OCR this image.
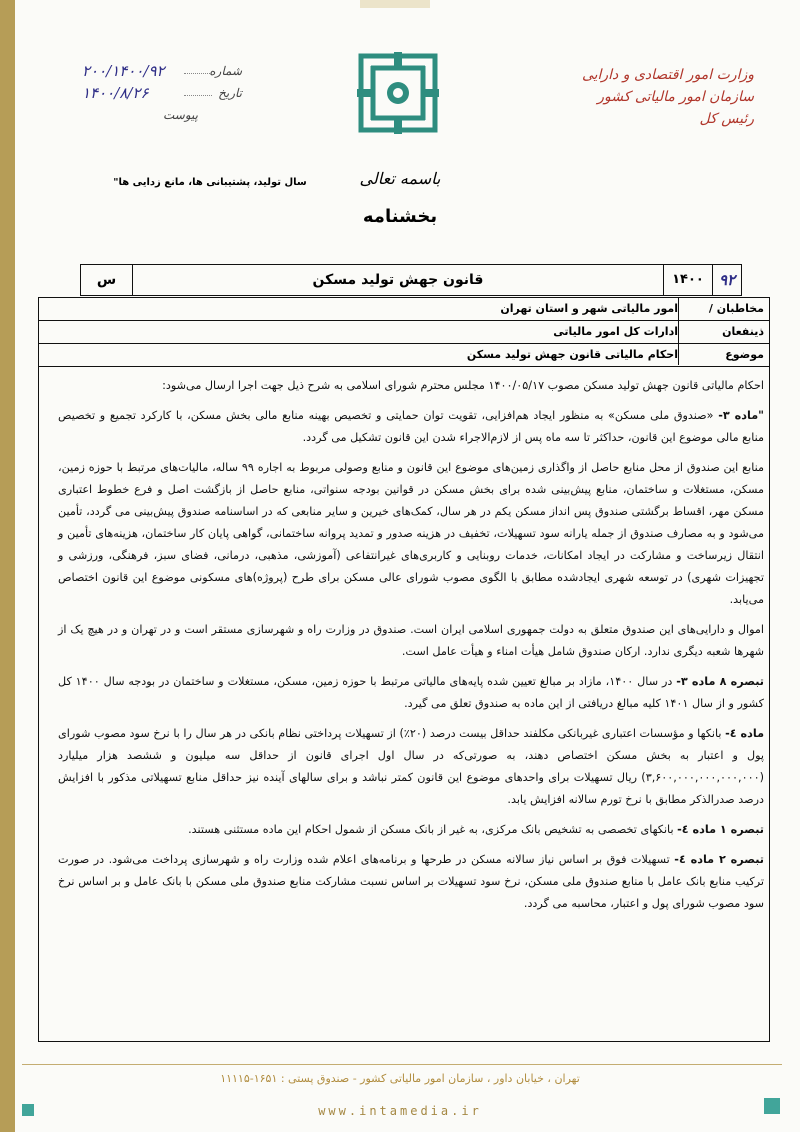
وزارت امور اقتصادی و دارایی
سازمان امور مالیاتی کشور
رئیس کل
شماره
۲۰۰/۱۴۰۰/۹۲
تاریخ
۱۴۰۰/۸/۲۶
پیوست
سال تولید، پشتیبانی ها، مانع زدایی ها"	باسمه تعالی
بخشنامه
۹۲
۱۴۰۰
قانون جهش تولید مسکن
س
مخاطبان /
امور مالیاتی شهر و استان تهران
ذینفعان
ادارات کل امور مالیاتی
موضوع
احکام مالیاتی قانون جهش تولید مسکن

احکام مالیاتی قانون جهش تولید مسکن مصوب ۱۴۰۰/۰۵/۱۷ مجلس محترم شورای اسلامی به شرح ذیل جهت اجرا ارسال می‌شود:

"ماده ۳- «صندوق ملی مسکن» به منظور ایجاد هم‌افزایی، تقویت توان حمایتی و تخصیص بهینه منابع مالی بخش مسکن، با کارکرد تجمیع و تخصیص منابع مالی موضوع این قانون، حداکثر تا سه ماه پس از لازم‌الاجراء شدن این قانون تشکیل می گردد.

منابع این صندوق از محل منابع حاصل از واگذاری زمین‌های موضوع این قانون و منابع وصولی مربوط به اجاره ۹۹ ساله، مالیات‌های مرتبط با حوزه زمین، مسکن، مستغلات و ساختمان، منابع پیش‌بینی شده برای بخش مسکن در قوانین بودجه سنواتی، منابع حاصل از بازگشت اصل و فرع خطوط اعتباری مسکن مهر، اقساط برگشتی صندوق پس انداز مسکن یکم در هر سال، کمک‌های خیرین و سایر منابعی که در اساسنامه صندوق پیش‌بینی می گردد، تأمین می‌شود و به مصارف صندوق از جمله یارانه سود تسهیلات، تخفیف در هزینه صدور و تمدید پروانه ساختمانی، گواهی پایان کار ساختمان، هزینه‌های تأمین و انتقال زیرساخت و مشارکت در ایجاد امکانات، خدمات روبنایی و کاربری‌های غیرانتفاعی (آموزشی، مذهبی، درمانی، فضای سبز، فرهنگی، ورزشی و تجهیزات شهری) در توسعه شهری ایجادشده مطابق با الگوی مصوب شورای عالی مسکن برای طرح (پروژه)های مسکونی موضوع این قانون اختصاص می‌یابد.

اموال و دارایی‌های این صندوق متعلق به دولت جمهوری اسلامی ایران است. صندوق در وزارت راه و شهرسازی مستقر است و در تهران و در هیچ یک از شهرها شعبه دیگری ندارد. ارکان صندوق شامل هیأت امناء و هیأت عامل است.

تبصره ۸ ماده ۳- در سال ۱۴۰۰، مازاد بر مبالغ تعیین شده پایه‌های مالیاتی مرتبط با حوزه زمین، مسکن، مستغلات و ساختمان در بودجه سال ۱۴۰۰ کل کشور و از سال ۱۴۰۱ کلیه مبالغ دریافتی از این ماده به صندوق تعلق می گیرد.

ماده ٤- بانکها و مؤسسات اعتباری غیربانکی مکلفند حداقل بیست درصد (۲۰٪) از تسهیلات پرداختی نظام بانکی در هر سال را با نرخ سود مصوب شورای پول و اعتبار به بخش مسکن اختصاص دهند، به صورتی‌که در سال اول اجرای قانون از حداقل سه میلیون و ششصد هزار میلیارد (۳,۶۰۰,۰۰۰,۰۰۰,۰۰۰,۰۰۰) ریال تسهیلات برای واحدهای موضوع این قانون کمتر نباشد و برای سالهای آینده نیز حداقل منابع تسهیلاتی مذکور با افزایش درصد صدرالذکر مطابق با نرخ تورم سالانه افزایش یابد.

تبصره ۱ ماده ٤- بانکهای تخصصی به تشخیص بانک مرکزی، به غیر از بانک مسکن از شمول احکام این ماده مستثنی هستند.

تبصره ۲ ماده ٤- تسهیلات فوق بر اساس نیاز سالانه مسکن در طرحها و برنامه‌های اعلام شده وزارت راه و شهرسازی پرداخت می‌شود. در صورت ترکیب منابع بانک عامل با منابع صندوق ملی مسکن، نرخ سود تسهیلات بر اساس نسبت مشارکت منابع صندوق ملی مسکن با بانک عامل و بر اساس نرخ سود مصوب شورای پول و اعتبار، محاسبه می گردد.

تهران ، خیابان داور ، سازمان امور مالیاتی کشور - صندوق پستی : ۱۶۵۱-۱۱۱۱۵
www.intamedia.ir
